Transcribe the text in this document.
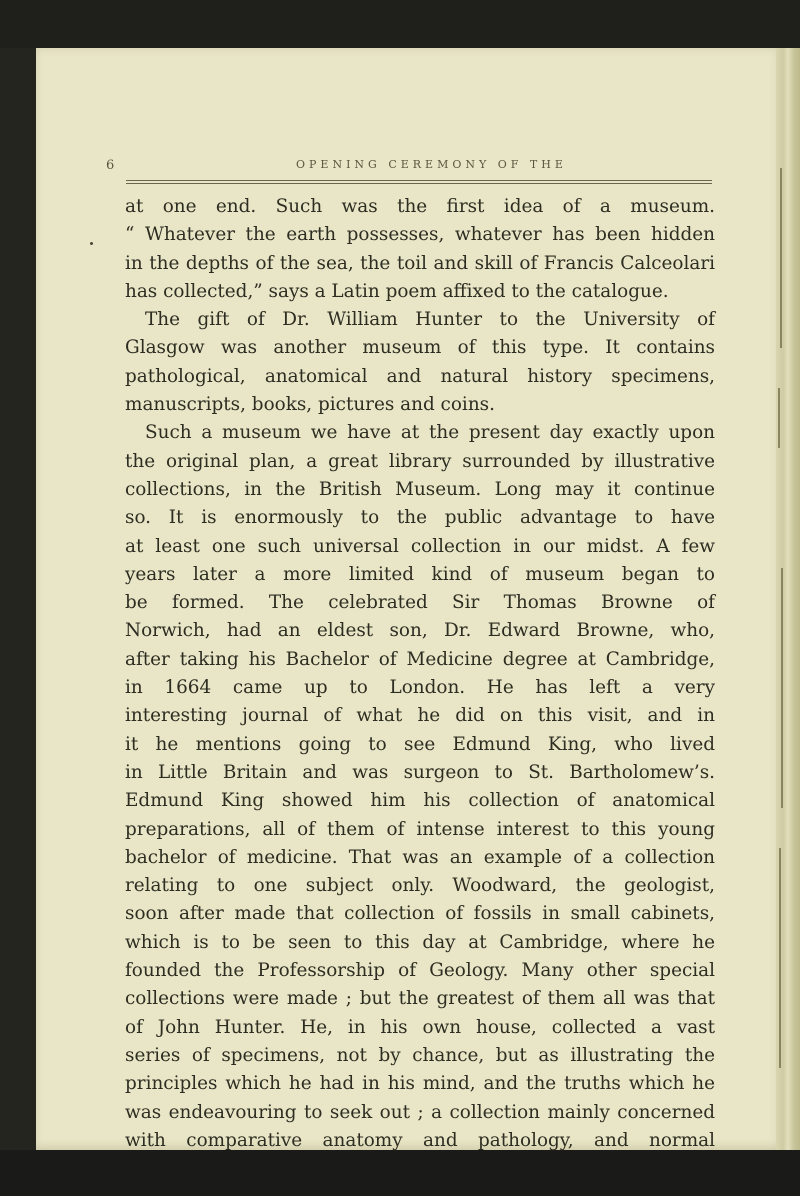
6	OPENING CEREMONY OF THE
at one end. Such was the first idea of a museum.
“ Whatever the earth possesses, whatever has been hidden
in the depths of the sea, the toil and skill of Francis Calceolari
has collected,” says a Latin poem affixed to the catalogue.
The gift of Dr. William Hunter to the University of
Glasgow was another museum of this type. It contains
pathological, anatomical and natural history specimens,
manuscripts, books, pictures and coins.
Such a museum we have at the present day exactly upon
the original plan, a great library surrounded by illustrative
collections, in the British Museum. Long may it continue
so. It is enormously to the public advantage to have
at least one such universal collection in our midst. A few
years later a more limited kind of museum began to
be formed. The celebrated Sir Thomas Browne of
Norwich, had an eldest son, Dr. Edward Browne, who,
after taking his Bachelor of Medicine degree at Cambridge,
in 1664 came up to London. He has left a very
interesting journal of what he did on this visit, and in
it he mentions going to see Edmund King, who lived
in Little Britain and was surgeon to St. Bartholomew’s.
Edmund King showed him his collection of anatomical
preparations, all of them of intense interest to this young
bachelor of medicine. That was an example of a collection
relating to one subject only. Woodward, the geologist,
soon after made that collection of fossils in small cabinets,
which is to be seen to this day at Cambridge, where he
founded the Professorship of Geology. Many other special
collections were made ; but the greatest of them all was that
of John Hunter. He, in his own house, collected a vast
series of specimens, not by chance, but as illustrating the
principles which he had in his mind, and the truths which he
was endeavouring to seek out ; a collection mainly concerned
with comparative anatomy and pathology, and normal
